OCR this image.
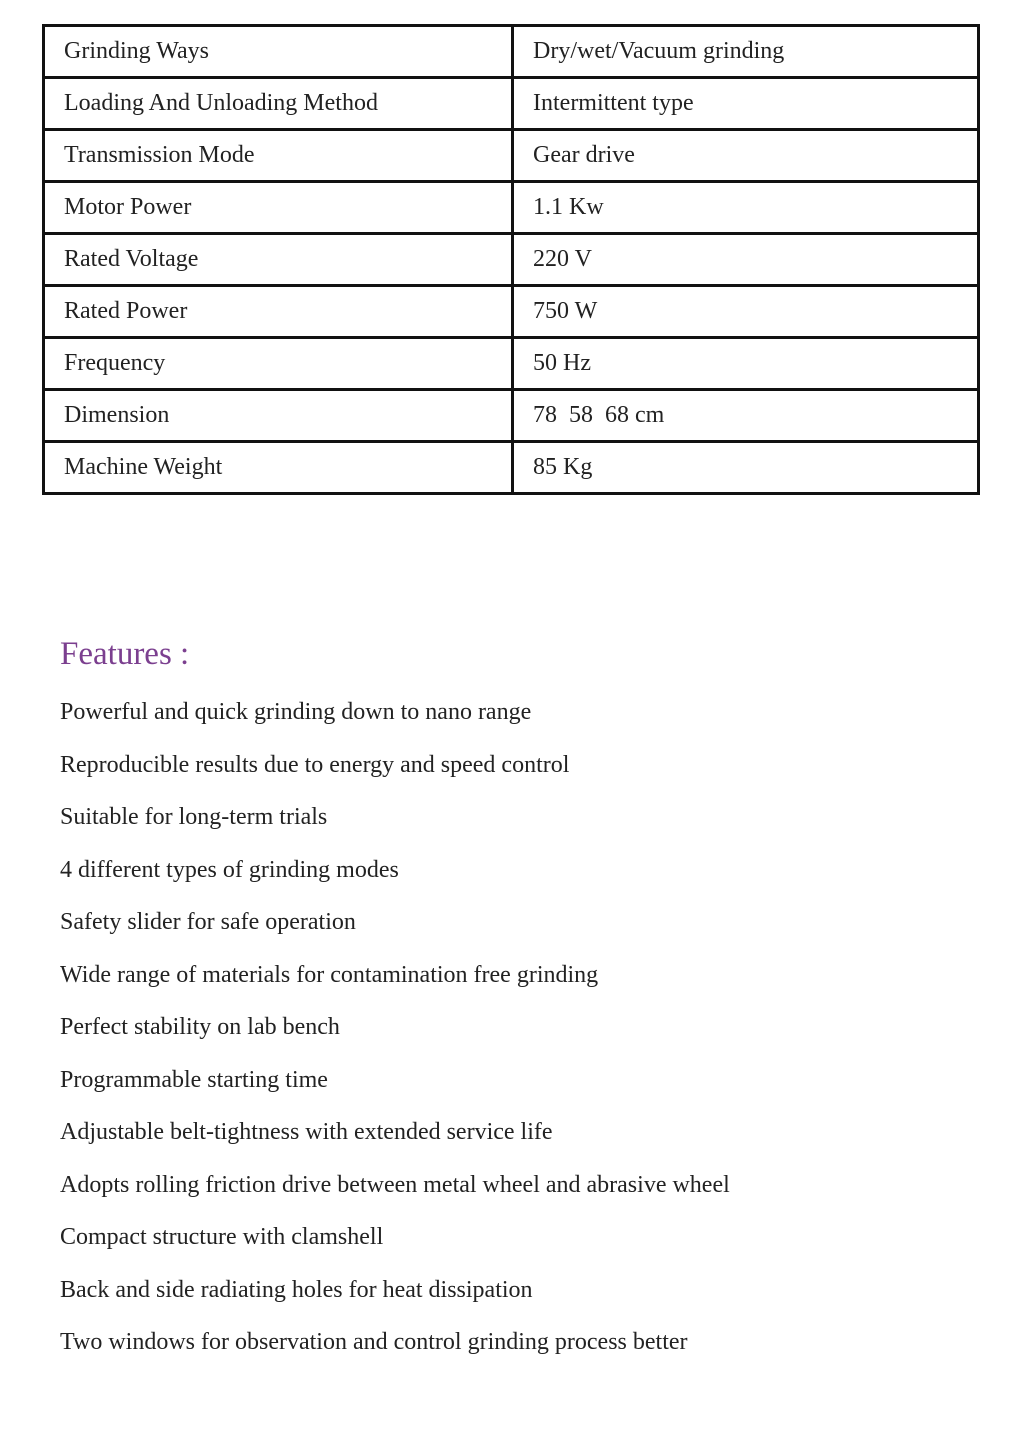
Grinding Ways	Dry/wet/Vacuum grinding
Loading And Unloading Method	Intermittent type
Transmission Mode	Gear drive
Motor Power	1.1 Kw
Rated Voltage	220 V
Rated Power	750 W
Frequency	50 Hz
Dimension	78  58  68 cm
Machine Weight	85 Kg
Features :
Powerful and quick grinding down to nano range
Reproducible results due to energy and speed control
Suitable for long-term trials
4 different types of grinding modes
Safety slider for safe operation
Wide range of materials for contamination free grinding
Perfect stability on lab bench
Programmable starting time
Adjustable belt-tightness with extended service life
Adopts rolling friction drive between metal wheel and abrasive wheel
Compact structure with clamshell
Back and side radiating holes for heat dissipation
Two windows for observation and control grinding process better
